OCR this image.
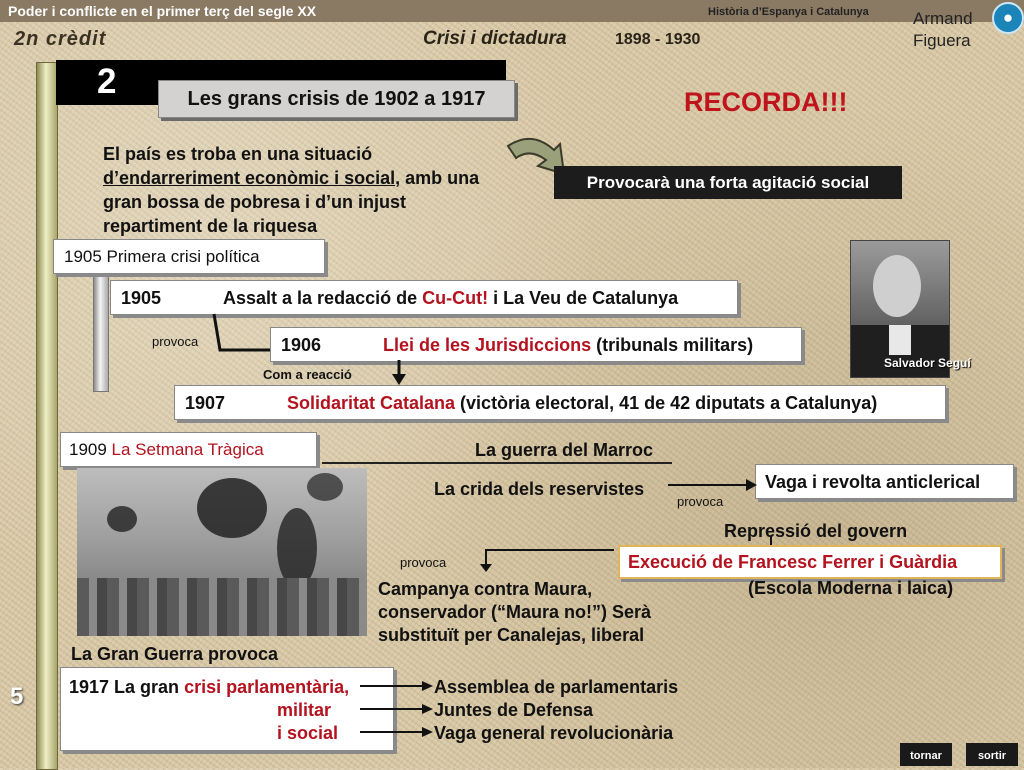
Poder i conflicte en el primer terç del segle XX	Història d’Espanya i Catalunya
2n crèdit	Crisi i dictadura	1898 - 1930
Armand
Figuera
●
2	Les grans crisis de 1902 a 1917	RECORDA!!!
El país es troba en una situació
d’endarreriment econòmic i social, amb una
gran bossa de pobresa i d’un injust
repartiment de la riquesa
Provocarà una forta agitació social
1905 Primera crisi política
1905	Assalt a la redacció de Cu-Cut! i La Veu de Catalunya
provoca	1906	Llei de les Jurisdiccions (tribunals militars)
Com a reacció
1907	Solidaritat Catalana (victòria electoral, 41 de 42 diputats a Catalunya)
Salvador Seguí
1909 La Setmana Tràgica	La guerra del Marroc
Vaga i revolta anticlerical
La crida dels reservistes
provoca
Repressió del govern
provoca	Execució de Francesc Ferrer i Guàrdia
Campanya contra Maura,
conservador (“Maura no!”) Serà
substituït per Canalejas, liberal
(Escola Moderna i laica)
La Gran Guerra provoca
1917 La gran crisi parlamentària,
militar
i social
Assemblea de parlamentaris
Juntes de Defensa
Vaga general revolucionària
5
tornar	sortir
